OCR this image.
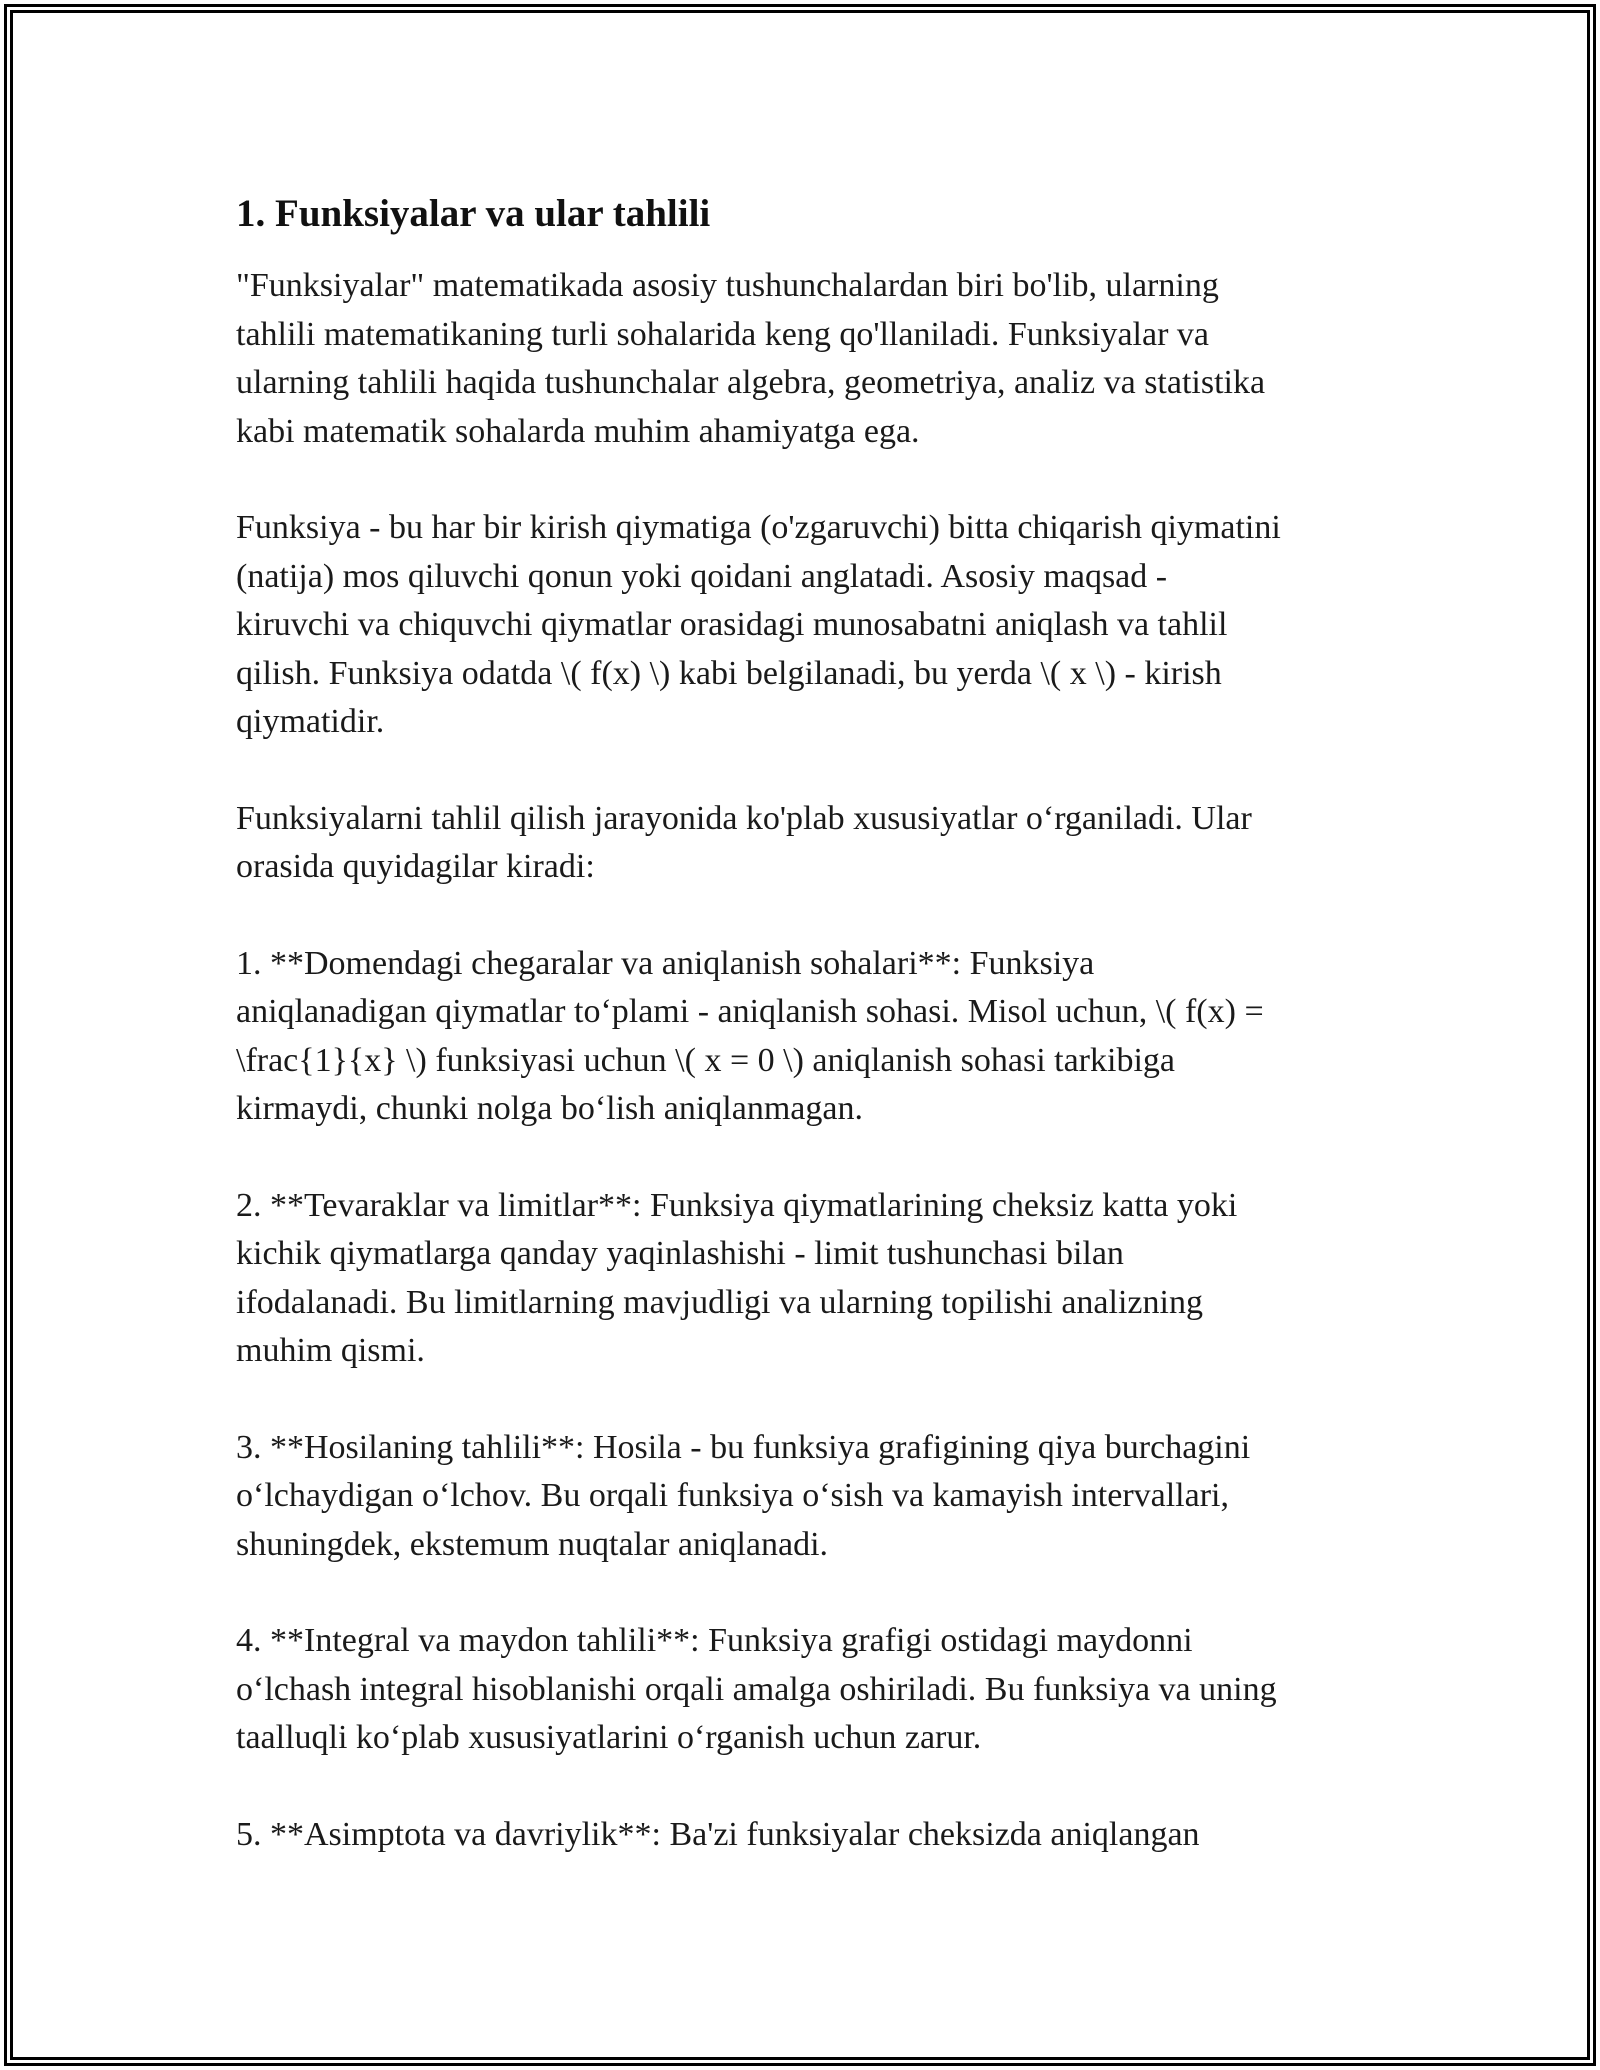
1. Funksiyalar va ular tahlili

"Funksiyalar" matematikada asosiy tushunchalardan biri bo'lib, ularning
tahlili matematikaning turli sohalarida keng qo'llaniladi. Funksiyalar va
ularning tahlili haqida tushunchalar algebra, geometriya, analiz va statistika
kabi matematik sohalarda muhim ahamiyatga ega.

Funksiya - bu har bir kirish qiymatiga (o'zgaruvchi) bitta chiqarish qiymatini
(natija) mos qiluvchi qonun yoki qoidani anglatadi. Asosiy maqsad -
kiruvchi va chiquvchi qiymatlar orasidagi munosabatni aniqlash va tahlil
qilish. Funksiya odatda \( f(x) \) kabi belgilanadi, bu yerda \( x \) - kirish
qiymatidir.

Funksiyalarni tahlil qilish jarayonida ko'plab xususiyatlar oʻrganiladi. Ular
orasida quyidagilar kiradi:

1. **Domendagi chegaralar va aniqlanish sohalari**: Funksiya
aniqlanadigan qiymatlar toʻplami - aniqlanish sohasi. Misol uchun, \( f(x) =
\frac{1}{x} \) funksiyasi uchun \( x = 0 \) aniqlanish sohasi tarkibiga
kirmaydi, chunki nolga boʻlish aniqlanmagan.

2. **Tevaraklar va limitlar**: Funksiya qiymatlarining cheksiz katta yoki
kichik qiymatlarga qanday yaqinlashishi - limit tushunchasi bilan
ifodalanadi. Bu limitlarning mavjudligi va ularning topilishi analizning
muhim qismi.

3. **Hosilaning tahlili**: Hosila - bu funksiya grafigining qiya burchagini
oʻlchaydigan oʻlchov. Bu orqali funksiya oʻsish va kamayish intervallari,
shuningdek, ekstemum nuqtalar aniqlanadi.

4. **Integral va maydon tahlili**: Funksiya grafigi ostidagi maydonni
oʻlchash integral hisoblanishi orqali amalga oshiriladi. Bu funksiya va uning
taalluqli koʻplab xususiyatlarini oʻrganish uchun zarur.

5. **Asimptota va davriylik**: Ba'zi funksiyalar cheksizda aniqlangan
